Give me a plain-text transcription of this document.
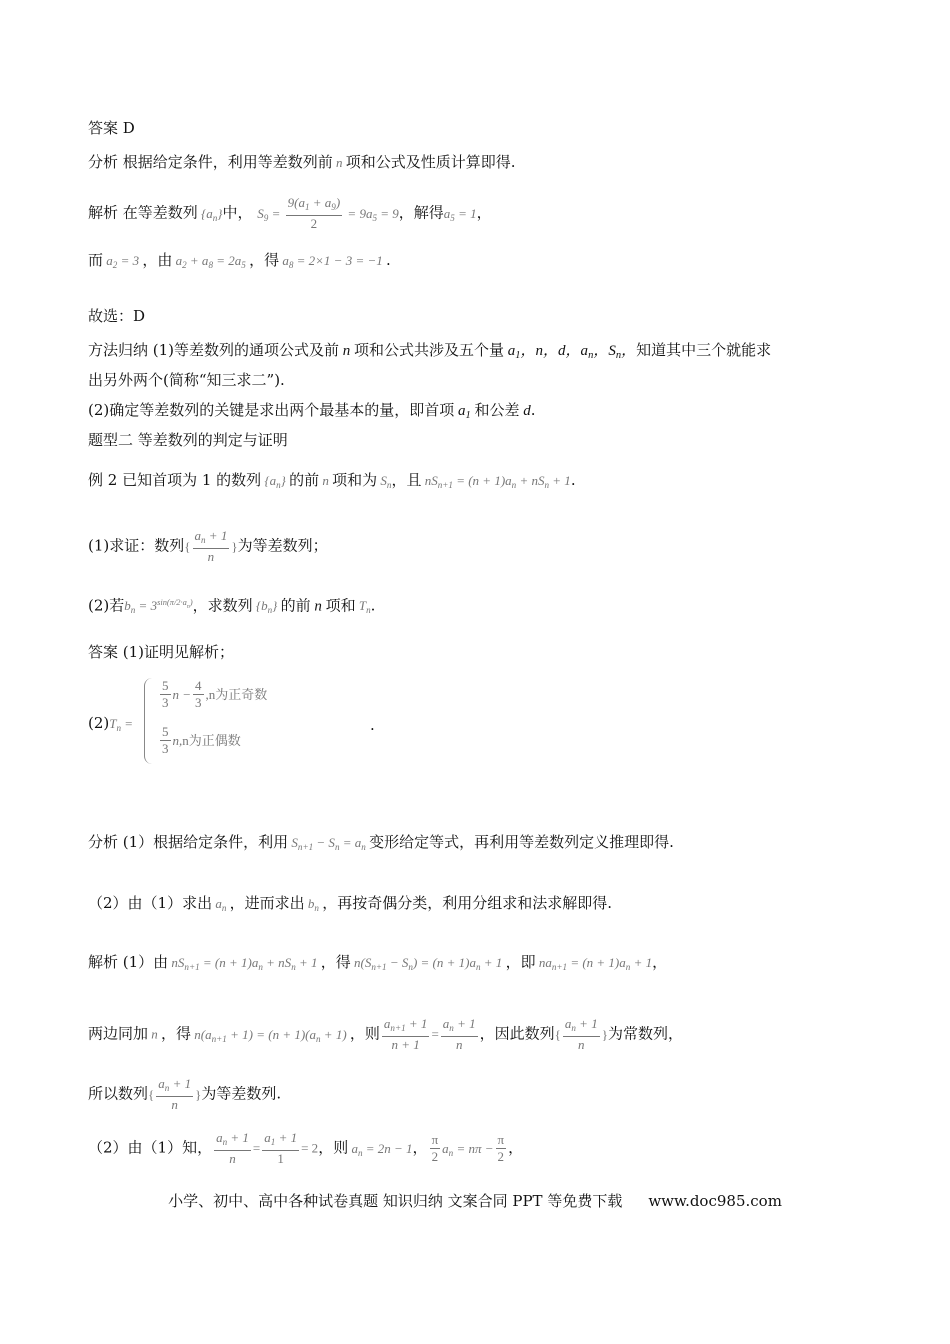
答案 D
分析 根据给定条件，利用等差数列前 n 项和公式及性质计算即得.
解析 在等差数列 $\{a_n\}$中， $S_9 = \frac{9(a_1 + a_9)}{2} = 9a_5 = 9$，解得$a_5 = 1$，
而 $a_2 = 3$ ，由 $a_2 + a_8 = 2a_5$ ，得 $a_8 = 2\times 1 - 3 = -1$ .
故选：D
方法归纳 (1)等差数列的通项公式及前 n 项和公式共涉及五个量 $a_1$，n，d，$a_n$，$S_n$，知道其中三个就能求
出另外两个(简称“知三求二”).
(2)确定等差数列的关键是求出两个最基本的量，即首项 $a_1$ 和公差 d.
题型二 等差数列的判定与证明
例 2 已知首项为 1 的数列 $\{a_n\}$ 的前 n 项和为 $S_n$，且 $nS_{n+1} = (n + 1)a_n + nS_n + 1$.
(1)求证：数列{ $\frac{a_n + 1}{n}$ }为等差数列；
(2)若$b_n = 3^{sin(\pi/2\cdot a_n)}$，求数列 $\{b_n\}$ 的前 n 项和 $T_n$.
答案 (1)证明见解析；
$(2)T_n$ =
$\frac{5}{3}$ $n - \frac{4}{3} ,n$为正奇数
$\frac{5}{3} n,n$为正偶数
.
分析 (1）根据给定条件，利用 $S_{n+1} - S_n = a_n$ 变形给定等式，再利用等差数列定义推理即得.
（2）由（1）求出 $a_n$ ，进而求出 $b_n$ ，再按奇偶分类，利用分组求和法求解即得.
解析 (1）由 $nS_{n+1} = (n + 1)a_n + nS_n + 1$ ，得 $n(S_{n+1} - S_n) = (n + 1)a_n + 1$ ，即 $na_{n+1} = (n + 1)a_n + 1$，
两边同加 n ，得 $n(a_{n+1} + 1) = (n + 1)(a_n + 1)$ ，则 $\frac{a_{n+1} + 1}{n + 1} = \frac{a_n + 1}{n}$ ，因此数列{ $\frac{a_n + 1}{n}$ }为常数列，
所以数列{ $\frac{a_n + 1}{n}$ }为等差数列.
（2）由（1）知， $\frac{a_n + 1}{n} = \frac{a_1 + 1}{1} = 2$，则 $a_n = 2n - 1$， $\frac{\pi}{2} a_n = n\pi - \frac{\pi}{2}$ ，
小学、初中、高中各种试卷真题 知识归纳 文案合同 PPT 等免费下载 www.doc985.com
